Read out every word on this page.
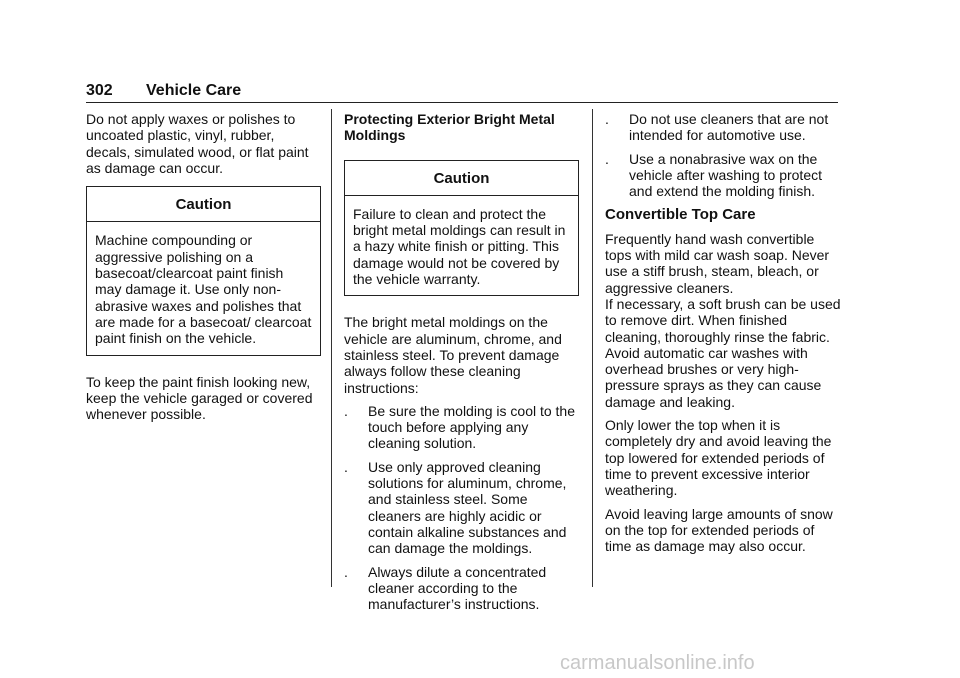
302 Vehicle Care

Do not apply waxes or polishes to uncoated plastic, vinyl, rubber, decals, simulated wood, or flat paint as damage can occur.

Caution
Machine compounding or aggressive polishing on a basecoat/clearcoat paint finish may damage it. Use only non-abrasive waxes and polishes that are made for a basecoat/ clearcoat paint finish on the vehicle.

To keep the paint finish looking new, keep the vehicle garaged or covered whenever possible.

Protecting Exterior Bright Metal Moldings
Caution
Failure to clean and protect the bright metal moldings can result in a hazy white finish or pitting. This damage would not be covered by the vehicle warranty.

The bright metal moldings on the vehicle are aluminum, chrome, and stainless steel. To prevent damage always follow these cleaning instructions:

. Be sure the molding is cool to the touch before applying any cleaning solution.
. Use only approved cleaning solutions for aluminum, chrome, and stainless steel. Some cleaners are highly acidic or contain alkaline substances and can damage the moldings.
. Always dilute a concentrated cleaner according to the manufacturer’s instructions.
. Do not use cleaners that are not intended for automotive use.
. Use a nonabrasive wax on the vehicle after washing to protect and extend the molding finish.
Convertible Top Care

Frequently hand wash convertible tops with mild car wash soap. Never use a stiff brush, steam, bleach, or aggressive cleaners.

If necessary, a soft brush can be used to remove dirt. When finished cleaning, thoroughly rinse the fabric. Avoid automatic car washes with overhead brushes or very high-pressure sprays as they can cause damage and leaking.

Only lower the top when it is completely dry and avoid leaving the top lowered for extended periods of time to prevent excessive interior weathering.

Avoid leaving large amounts of snow on the top for extended periods of time as damage may also occur.

carmanualsonline.info
